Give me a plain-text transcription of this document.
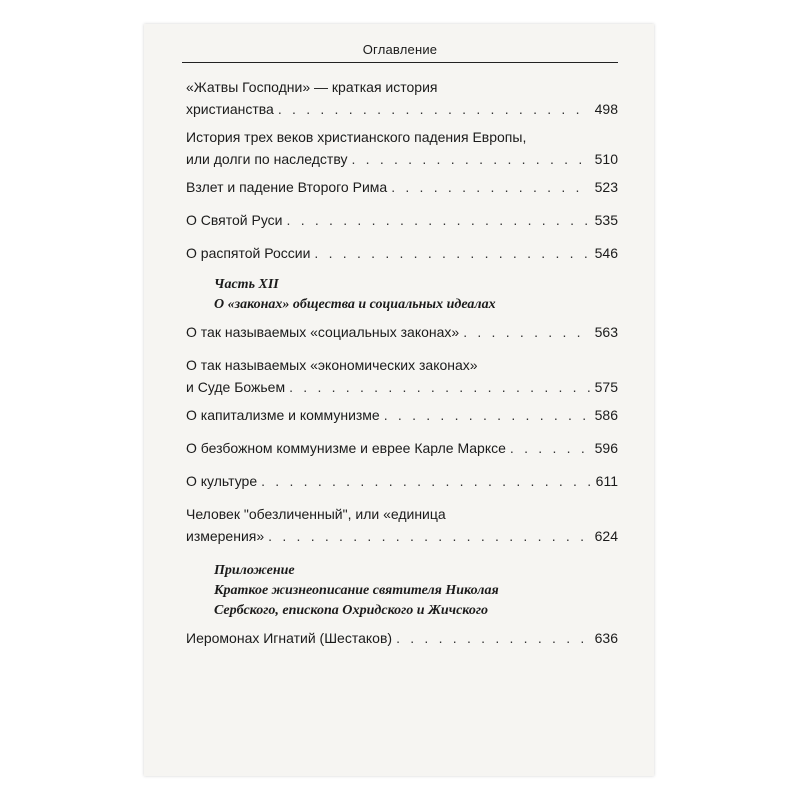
Оглавление
«Жатвы Господни» — краткая история
христианства . . .	498
История трех веков христианского падения Европы,
или долги по наследству . . .	510
Взлет и падение Второго Рима . . .	523
О Святой Руси . . .	535
О распятой России . . .	546
Часть XII
О «законах» общества и социальных идеалах
О так называемых «социальных законах» . . .	563
О так называемых «экономических законах»
и Суде Божьем . . .	575
О капитализме и коммунизме . . .	586
О безбожном коммунизме и еврее Карле Марксе . . .	596
О культуре . . .	611
Человек "обезличенный", или «единица
измерения» . . .	624
Приложение
Краткое жизнеописание святителя Николая
Сербского, епископа Охридского и Жичского
Иеромонах Игнатий (Шестаков) . . .	636
